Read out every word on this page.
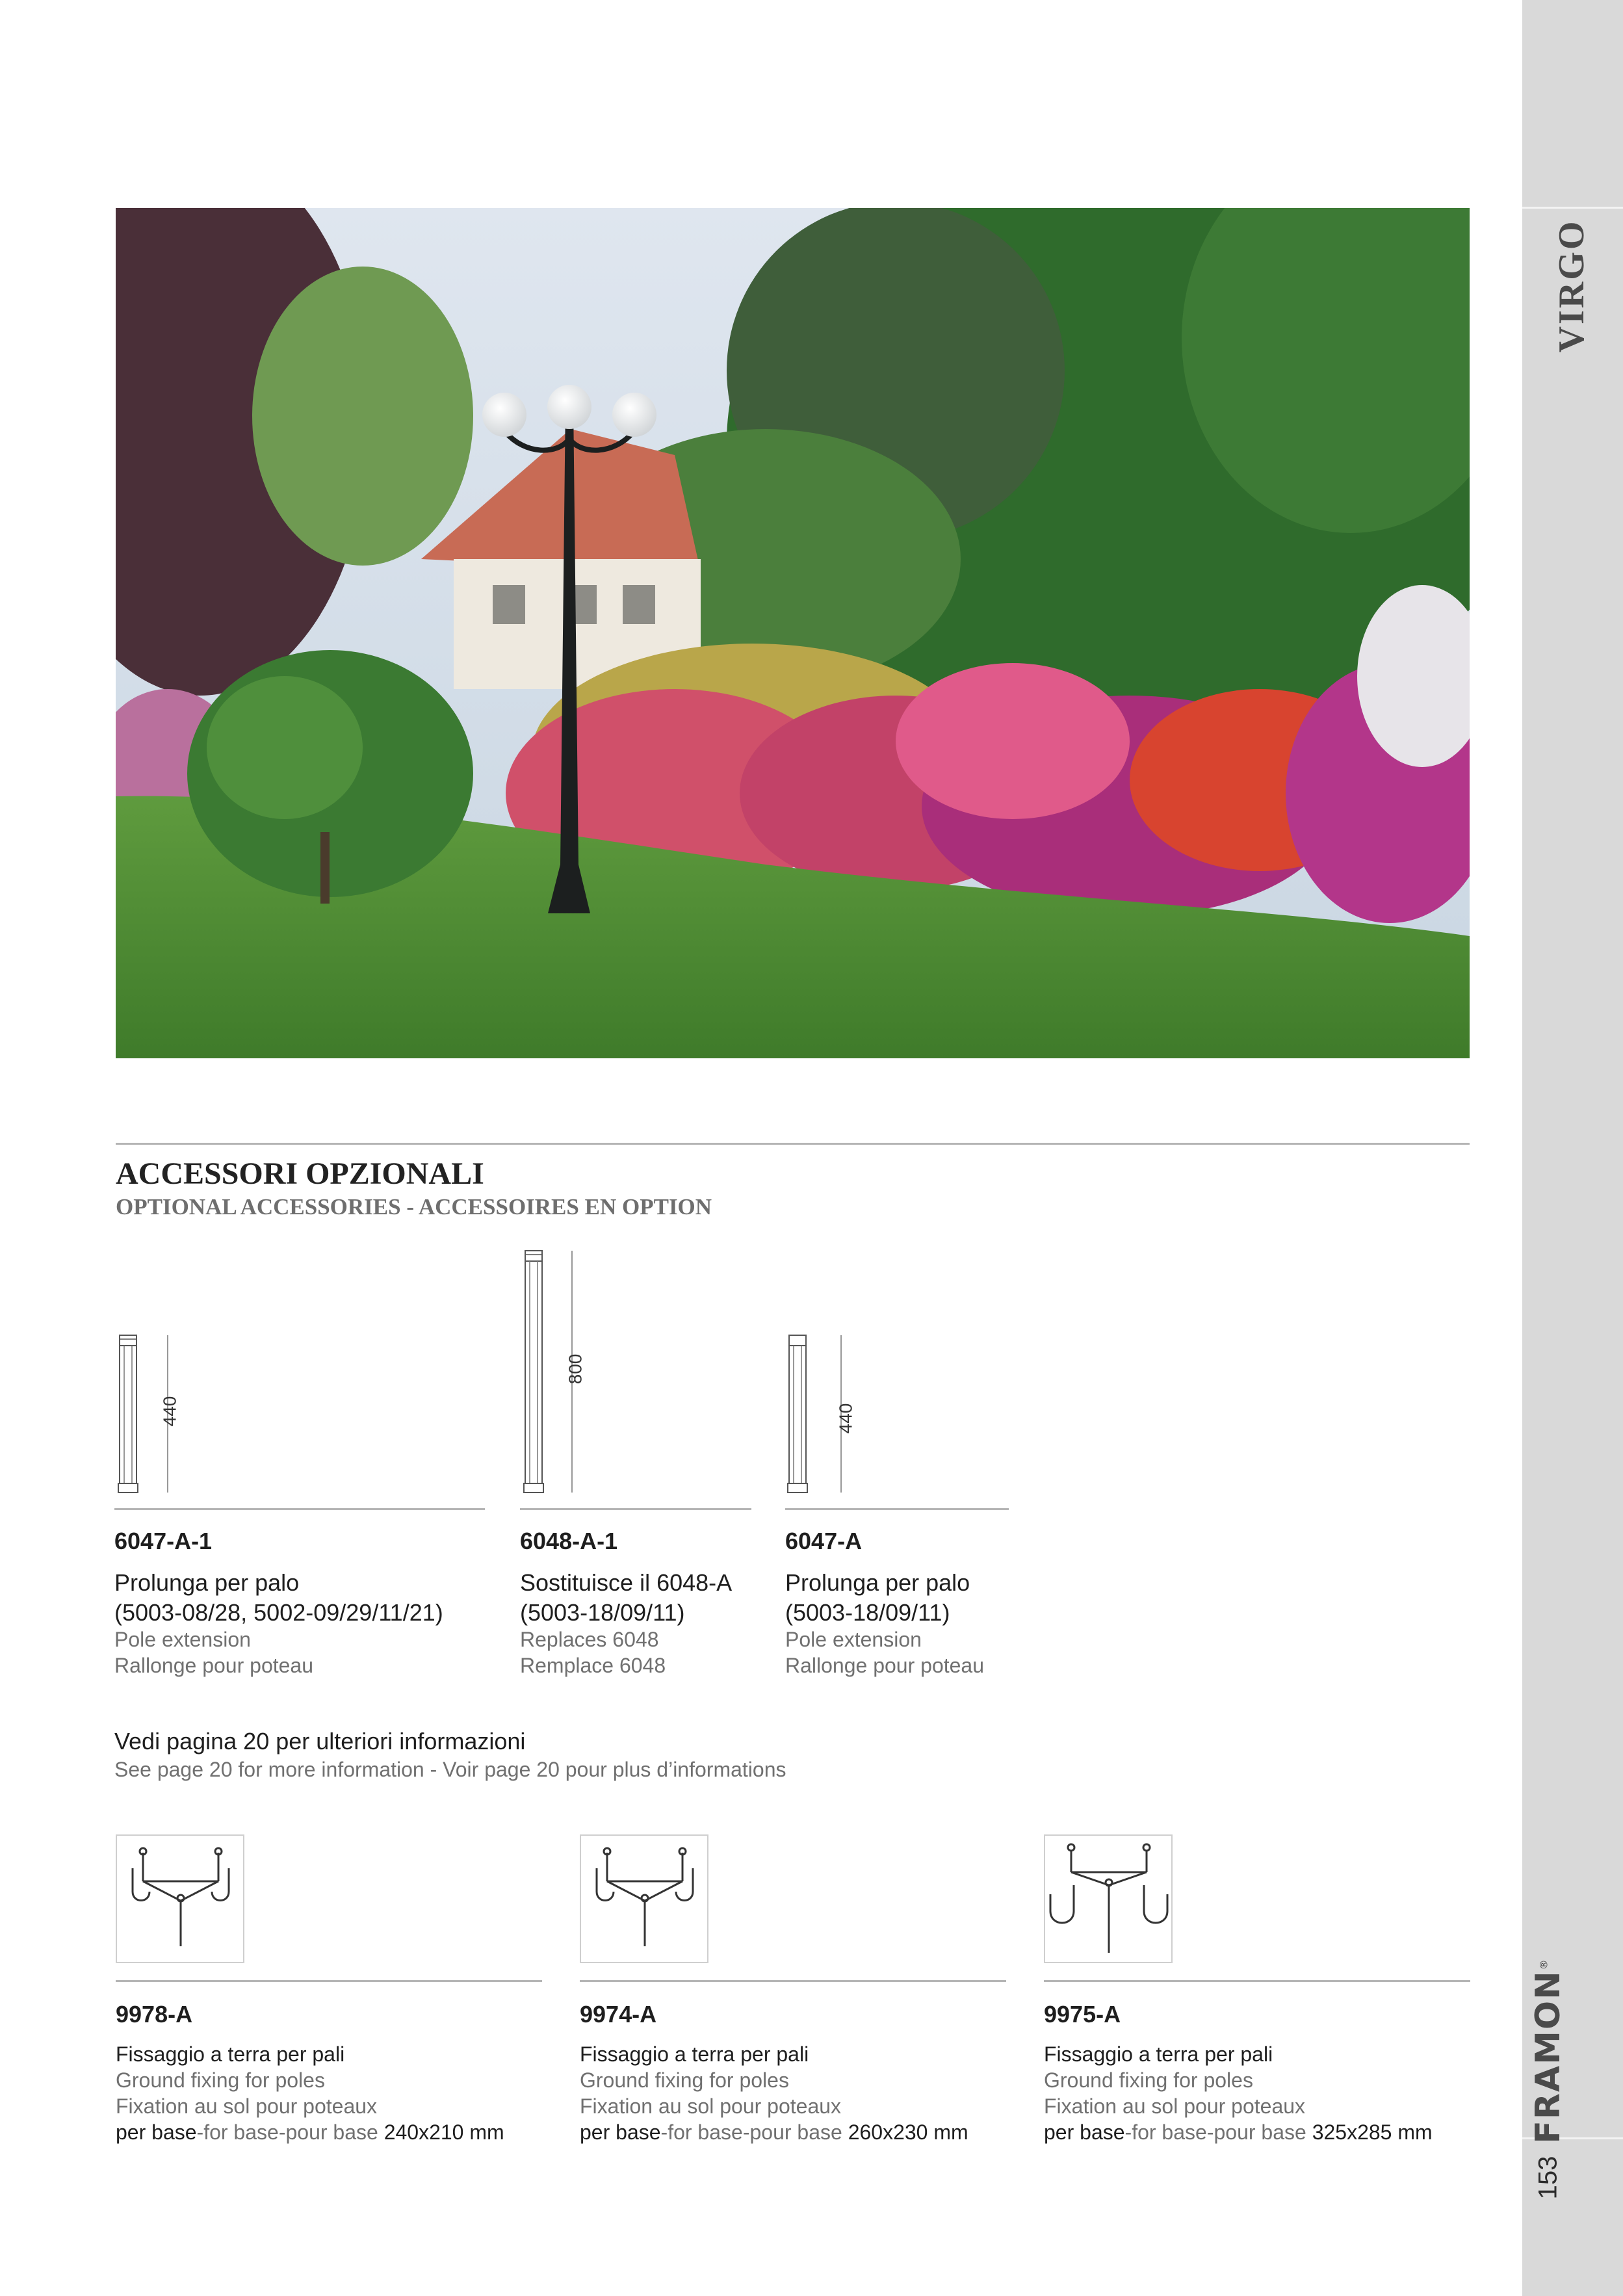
VIRGO
FRAMON®
153
ACCESSORI OPZIONALI
OPTIONAL ACCESSORIES - ACCESSOIRES EN OPTION
440
800
440
6047-A-1
Prolunga per palo
(5003-08/28, 5002-09/29/11/21)
Pole extension
Rallonge pour poteau
6048-A-1
Sostituisce il 6048-A
(5003-18/09/11)
Replaces 6048
Remplace 6048
6047-A
Prolunga per palo
(5003-18/09/11)
Pole extension
Rallonge pour poteau
Vedi pagina 20 per ulteriori informazioni
See page 20 for more information - Voir page 20 pour plus d’informations
9978-A
Fissaggio a terra per pali
Ground fixing for poles
Fixation au sol pour poteaux
per base-for base-pour base 240x210 mm
9974-A
Fissaggio a terra per pali
Ground fixing for poles
Fixation au sol pour poteaux
per base-for base-pour base 260x230 mm
9975-A
Fissaggio a terra per pali
Ground fixing for poles
Fixation au sol pour poteaux
per base-for base-pour base 325x285 mm
